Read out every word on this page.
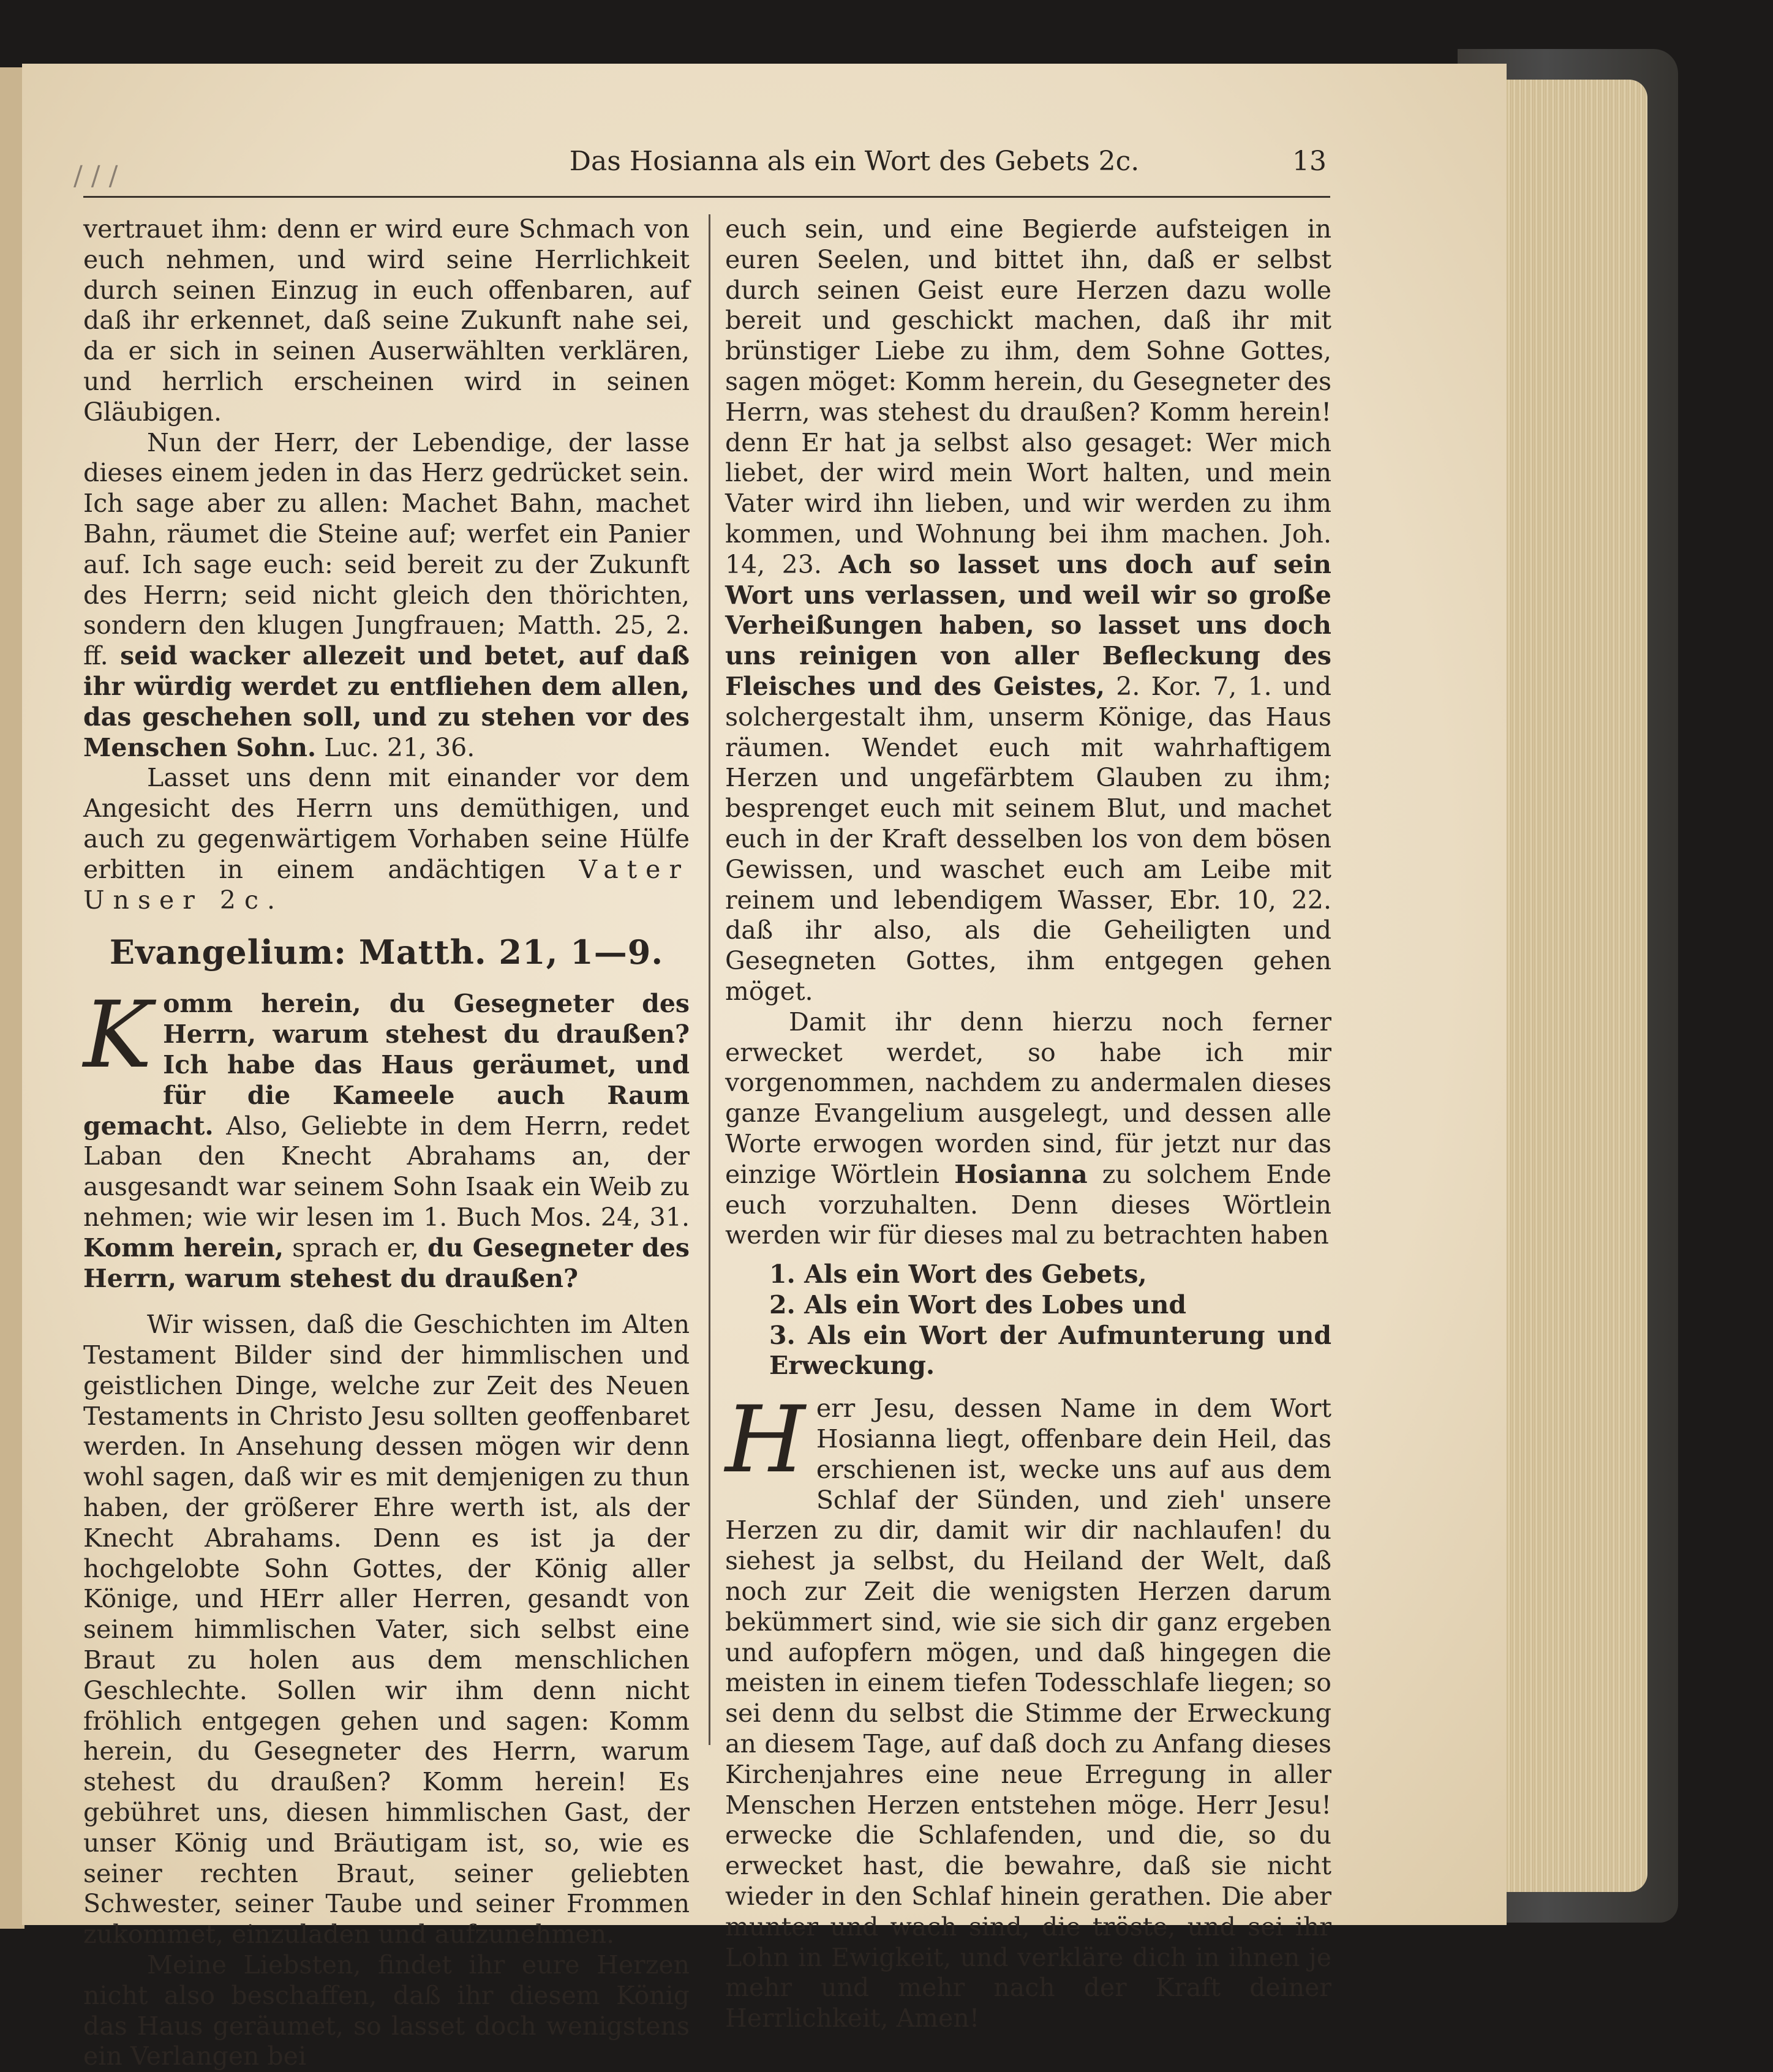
/ / /	Das Hosianna als ein Wort des Gebets 2c.	13

vertrauet ihm: denn er wird eure Schmach von euch nehmen, und wird seine Herrlichkeit durch seinen Einzug in euch offenbaren, auf daß ihr erkennet, daß seine Zukunft nahe sei, da er sich in seinen Auserwählten verklären, und herrlich erscheinen wird in seinen Gläubigen.

Nun der Herr, der Lebendige, der lasse dieses einem jeden in das Herz gedrücket sein. Ich sage aber zu allen: Machet Bahn, machet Bahn, räumet die Steine auf; werfet ein Panier auf. Ich sage euch: seid bereit zu der Zukunft des Herrn; seid nicht gleich den thörichten, sondern den klugen Jungfrauen; Matth. 25, 2. ff. seid wacker allezeit und betet, auf daß ihr würdig werdet zu entfliehen dem allen, das geschehen soll, und zu stehen vor des Menschen Sohn. Luc. 21, 36.

Lasset uns denn mit einander vor dem Angesicht des Herrn uns demüthigen, und auch zu gegenwärtigem Vorhaben seine Hülfe erbitten in einem andächtigen Vater Unser 2c.

Evangelium: Matth. 21, 1—9.

Komm herein, du Gesegneter des Herrn, warum stehest du draußen? Ich habe das Haus geräumet, und für die Kameele auch Raum gemacht. Also, Geliebte in dem Herrn, redet Laban den Knecht Abrahams an, der ausgesandt war seinem Sohn Isaak ein Weib zu nehmen; wie wir lesen im 1. Buch Mos. 24, 31. Komm herein, sprach er, du Gesegneter des Herrn, warum stehest du draußen?

Wir wissen, daß die Geschichten im Alten Testament Bilder sind der himmlischen und geistlichen Dinge, welche zur Zeit des Neuen Testaments in Christo Jesu sollten geoffenbaret werden. In Ansehung dessen mögen wir denn wohl sagen, daß wir es mit demjenigen zu thun haben, der größerer Ehre werth ist, als der Knecht Abrahams. Denn es ist ja der hochgelobte Sohn Gottes, der König aller Könige, und HErr aller Herren, gesandt von seinem himmlischen Vater, sich selbst eine Braut zu holen aus dem menschlichen Geschlechte. Sollen wir ihm denn nicht fröhlich entgegen gehen und sagen: Komm herein, du Gesegneter des Herrn, warum stehest du draußen? Komm herein! Es gebühret uns, diesen himmlischen Gast, der unser König und Bräutigam ist, so, wie es seiner rechten Braut, seiner geliebten Schwester, seiner Taube und seiner Frommen zukommet, einzuladen und aufzunehmen.

Meine Liebsten, findet ihr eure Herzen nicht also beschaffen, daß ihr diesem König das Haus geräumet, so lasset doch wenigstens ein Verlangen bei

euch sein, und eine Begierde aufsteigen in euren Seelen, und bittet ihn, daß er selbst durch seinen Geist eure Herzen dazu wolle bereit und geschickt machen, daß ihr mit brünstiger Liebe zu ihm, dem Sohne Gottes, sagen möget: Komm herein, du Gesegneter des Herrn, was stehest du draußen? Komm herein! denn Er hat ja selbst also gesaget: Wer mich liebet, der wird mein Wort halten, und mein Vater wird ihn lieben, und wir werden zu ihm kommen, und Wohnung bei ihm machen. Joh. 14, 23. Ach so lasset uns doch auf sein Wort uns verlassen, und weil wir so große Verheißungen haben, so lasset uns doch uns reinigen von aller Befleckung des Fleisches und des Geistes, 2. Kor. 7, 1. und solchergestalt ihm, unserm Könige, das Haus räumen. Wendet euch mit wahrhaftigem Herzen und ungefärbtem Glauben zu ihm; besprenget euch mit seinem Blut, und machet euch in der Kraft desselben los von dem bösen Gewissen, und waschet euch am Leibe mit reinem und lebendigem Wasser, Ebr. 10, 22. daß ihr also, als die Geheiligten und Gesegneten Gottes, ihm entgegen gehen möget.

Damit ihr denn hierzu noch ferner erwecket werdet, so habe ich mir vorgenommen, nachdem zu andermalen dieses ganze Evangelium ausgelegt, und dessen alle Worte erwogen worden sind, für jetzt nur das einzige Wörtlein Hosianna zu solchem Ende euch vorzuhalten. Denn dieses Wörtlein werden wir für dieses mal zu betrachten haben

1. Als ein Wort des Gebets,
2. Als ein Wort des Lobes und
3. Als ein Wort der Aufmunterung und Erweckung.

Herr Jesu, dessen Name in dem Wort Hosianna liegt, offenbare dein Heil, das erschienen ist, wecke uns auf aus dem Schlaf der Sünden, und zieh' unsere Herzen zu dir, damit wir dir nachlaufen! du siehest ja selbst, du Heiland der Welt, daß noch zur Zeit die wenigsten Herzen darum bekümmert sind, wie sie sich dir ganz ergeben und aufopfern mögen, und daß hingegen die meisten in einem tiefen Todesschlafe liegen; so sei denn du selbst die Stimme der Erweckung an diesem Tage, auf daß doch zu Anfang dieses Kirchenjahres eine neue Erregung in aller Menschen Herzen entstehen möge. Herr Jesu! erwecke die Schlafenden, und die, so du erwecket hast, die bewahre, daß sie nicht wieder in den Schlaf hinein gerathen. Die aber munter und wach sind, die tröste, und sei ihr Lohn in Ewigkeit, und verkläre dich in ihnen je mehr und mehr nach der Kraft deiner Herrlichkeit, Amen!
